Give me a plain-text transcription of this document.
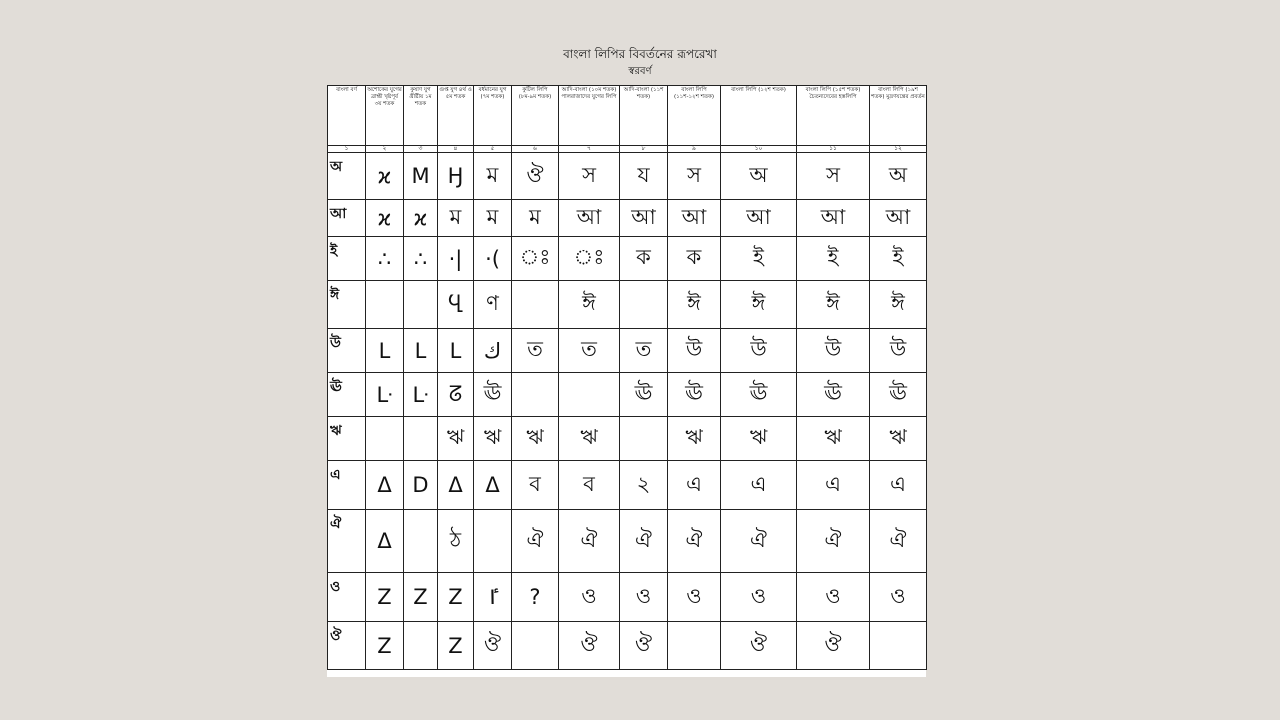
বাংলা লিপির বিবর্তনের রূপরেখা
স্বরবর্ণ
বাংলা বর্ণ	অশোকের যুগের ব্রাহ্মী খৃষ্টপূর্ব ৩য় শতক	কুষাণ যুগ খ্রীষ্টীয় ১ম শতক	গুপ্ত যুগ ৪র্থ ও ৫ম শতক	বর্ধমানের যুগ (৭ম শতক)	কুটিল লিপি (৮ম-৯ম শতক)	আদি-বাংলা (১০ম শতক) পালরাজাদের যুগের লিপি	আদি-বাংলা (১১শ শতক)	বাংলা লিপি (১১শ-১২শ শতক)	বাংলা লিপি (১২শ শতক)	বাংলা লিপি (১৫শ শতক) চৈতন্যদেবের হস্তলিপি	বাংলা লিপি (১৯শ শতক) মুদ্রণযন্ত্রের প্রবর্তন
১	২	৩	৪	৫	৬	৭	৮	৯	১০	১১	১২
অ	ϰ	M	Ӈ	ম	ঔ	স	য	স	অ	স	অ
আ	ϰ	ϰ	ম	ম	ম	আ	আ	আ	আ	আ	আ
ই	∴	∴	·|	·(	ঃ	ঃ	ক	ক	ই	ই	ই
ঈ			Ⴁ	ণ		ঈ		ঈ	ঈ	ঈ	ঈ
উ	L	L	ᒪ	ك	ত	ত	ত	উ	উ	উ	উ
ঊ	ᒷ	ᒷ	ᘔ	ঊ			ঊ	ঊ	ঊ	ঊ	ঊ
ঋ			ঋ	ঋ	ঋ	ঋ		ঋ	ঋ	ঋ	ঋ
এ	Δ	D	Δ	Δ	ব	ব	২	এ	এ	এ	এ
ঐ	Δ		ঠ		ঐ	ঐ	ঐ	ঐ	ঐ	ঐ	ঐ
ও	Z	Z	Z	ٵ	?	ও	ও	ও	ও	ও	ও
ঔ	Z		Z	ঔ		ঔ	ঔ		ঔ	ঔ	
